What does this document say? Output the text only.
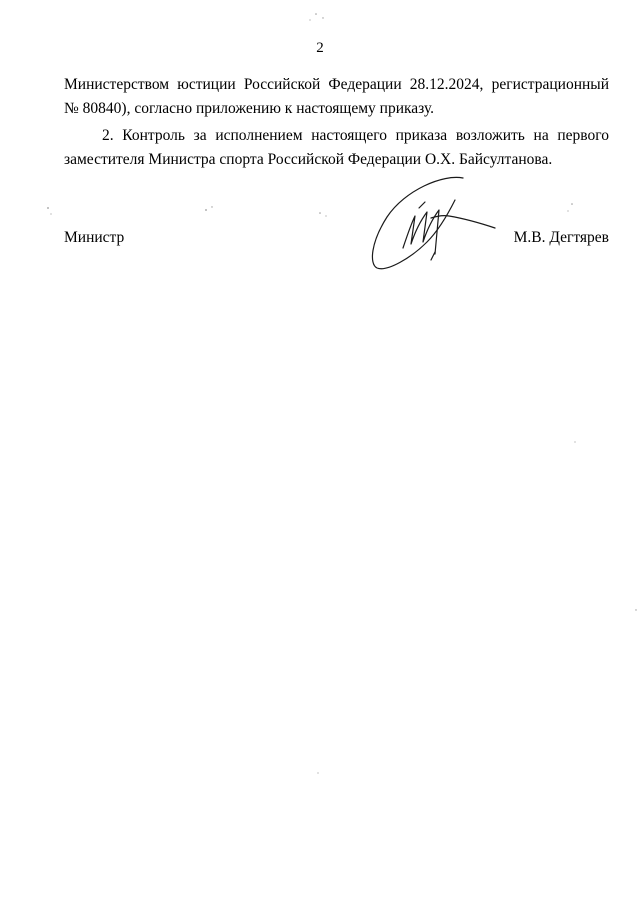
2
Министерством юстиции Российской Федерации 28.12.2024, регистрационный
№ 80840), согласно приложению к настоящему приказу.
2. Контроль за исполнением настоящего приказа возложить на первого
заместителя Министра спорта Российской Федерации О.Х. Байсултанова.
Министр	М.В. Дегтярев
